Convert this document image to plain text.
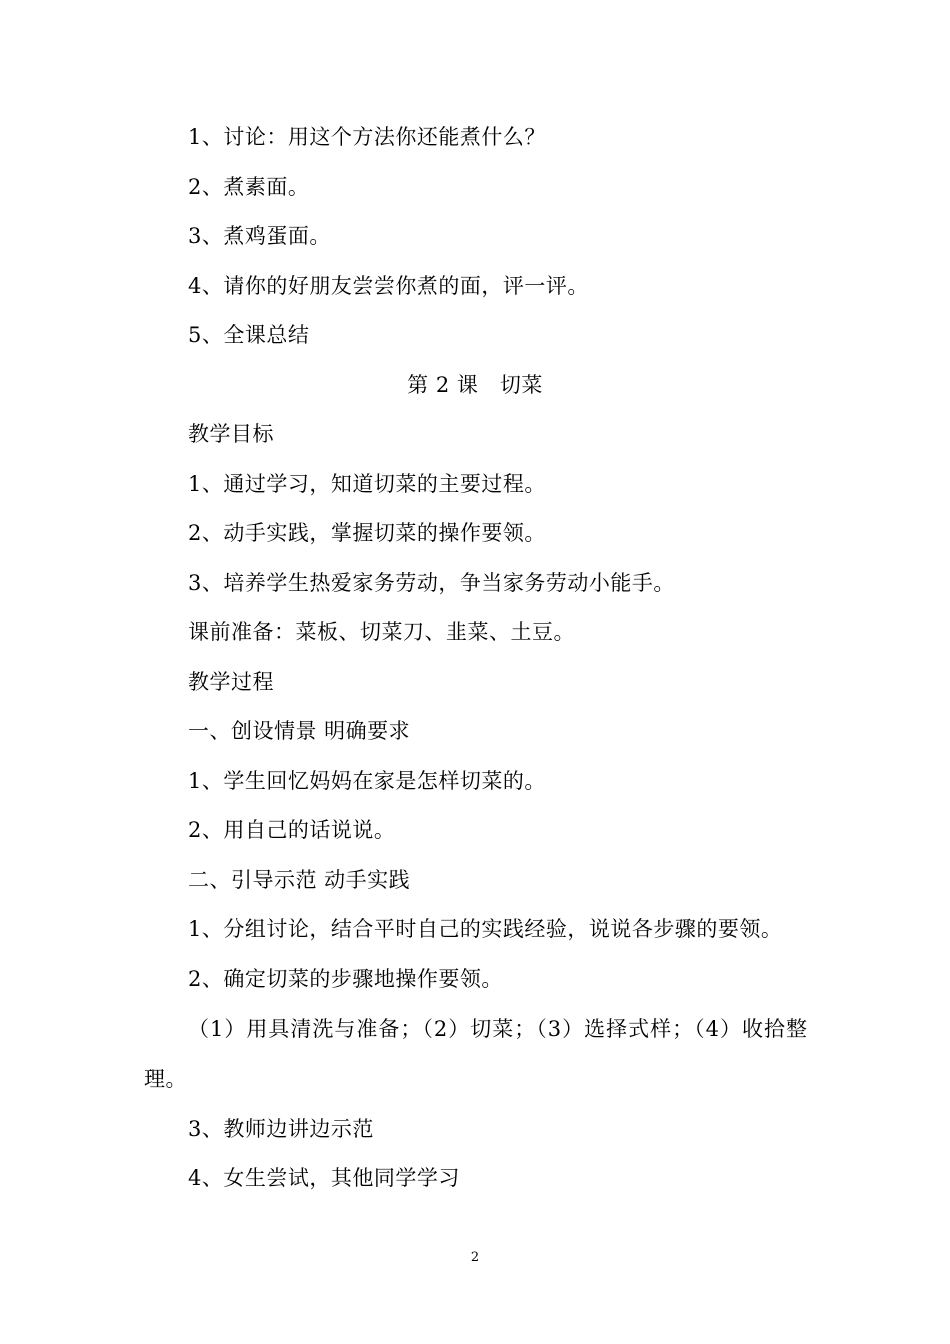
1、讨论：用这个方法你还能煮什么？
2、煮素面。
3、煮鸡蛋面。
4、请你的好朋友尝尝你煮的面，评一评。
5、全课总结
第 2 课　切菜
教学目标
1、通过学习，知道切菜的主要过程。
2、动手实践，掌握切菜的操作要领。
3、培养学生热爱家务劳动，争当家务劳动小能手。
课前准备：菜板、切菜刀、韭菜、土豆。
教学过程
一、创设情景 明确要求
1、学生回忆妈妈在家是怎样切菜的。
2、用自己的话说说。
二、引导示范 动手实践
1、分组讨论，结合平时自己的实践经验，说说各步骤的要领。
2、确定切菜的步骤地操作要领。
（1）用具清洗与准备；（2）切菜；（3）选择式样；（4）收拾整
理。
3、教师边讲边示范
4、女生尝试，其他同学学习
2
